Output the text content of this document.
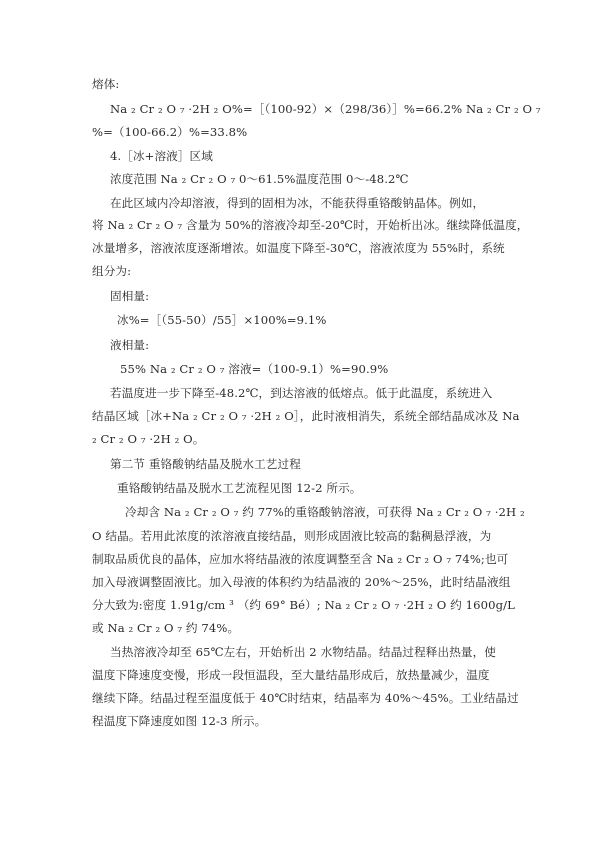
熔体:
Na ₂ Cr ₂ O ₇ ·2H ₂ O%=［（100-92）×（298/36）］%=66.2% Na ₂ Cr ₂ O ₇
%=（100-66.2）%=33.8%
4.［冰+溶液］区域
浓度范围 Na ₂ Cr ₂ O ₇ 0～61.5%温度范围 0～-48.2℃
在此区域内冷却溶液，得到的固相为冰，不能获得重铬酸钠晶体。例如，
将 Na ₂ Cr ₂ O ₇ 含量为 50%的溶液冷却至-20℃时，开始析出冰。继续降低温度，
冰量增多，溶液浓度逐渐增浓。如温度下降至-30℃，溶液浓度为 55%时，系统
组分为:
固相量:
冰%=［（55-50）/55］×100%=9.1%
液相量:
55% Na ₂ Cr ₂ O ₇ 溶液=（100-9.1）%=90.9%
若温度进一步下降至-48.2℃，到达溶液的低熔点。低于此温度，系统进入
结晶区域［冰+Na ₂ Cr ₂ O ₇ ·2H ₂ O］，此时液相消失，系统全部结晶成冰及 Na
₂ Cr ₂ O ₇ ·2H ₂ O。
第二节 重铬酸钠结晶及脱水工艺过程
重铬酸钠结晶及脱水工艺流程见图 12-2 所示。
冷却含 Na ₂ Cr ₂ O ₇ 约 77%的重铬酸钠溶液，可获得 Na ₂ Cr ₂ O ₇ ·2H ₂
O 结晶。若用此浓度的浓溶液直接结晶，则形成固液比较高的黏稠悬浮液，为
制取品质优良的晶体，应加水将结晶液的浓度调整至含 Na ₂ Cr ₂ O ₇ 74%;也可
加入母液调整固液比。加入母液的体积约为结晶液的 20%～25%，此时结晶液组
分大致为:密度 1.91g/cm ³ （约 69° Bé）; Na ₂ Cr ₂ O ₇ ·2H ₂ O 约 1600g/L
或 Na ₂ Cr ₂ O ₇ 约 74%。
当热溶液冷却至 65℃左右，开始析出 2 水物结晶。结晶过程释出热量，使
温度下降速度变慢，形成一段恒温段，至大量结晶形成后，放热量减少，温度
继续下降。结晶过程至温度低于 40℃时结束，结晶率为 40%～45%。工业结晶过
程温度下降速度如图 12-3 所示。
